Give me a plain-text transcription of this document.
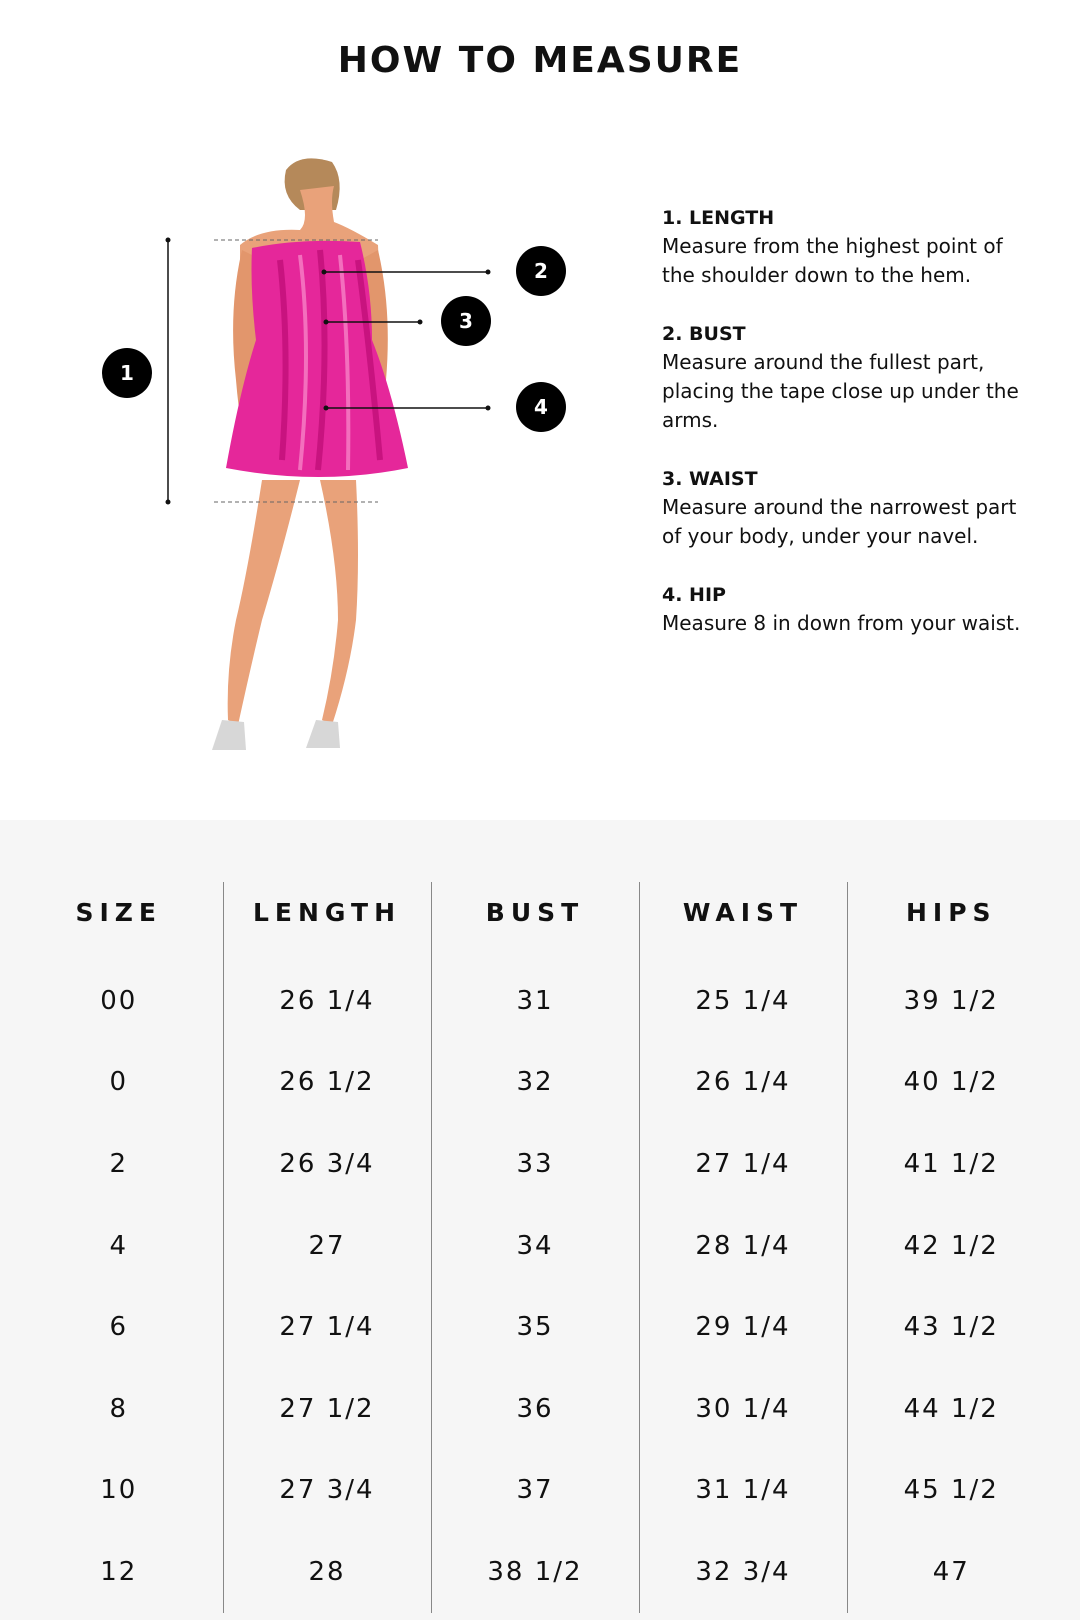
HOW TO MEASURE
1
2
3
4
1. LENGTH
Measure from the highest point of the shoulder down to the hem.
2. BUST
Measure around the fullest part, placing the tape close up under the arms.
3. WAIST
Measure around the narrowest part of your body, under your navel.
4. HIP
Measure 8 in down from your waist.
SIZE	LENGTH	BUST	WAIST	HIPS
00	26 1/4	31	25 1/4	39 1/2
0	26 1/2	32	26 1/4	40 1/2
2	26 3/4	33	27 1/4	41 1/2
4	27	34	28 1/4	42 1/2
6	27 1/4	35	29 1/4	43 1/2
8	27 1/2	36	30 1/4	44 1/2
10	27 3/4	37	31 1/4	45 1/2
12	28	38 1/2	32 3/4	47
